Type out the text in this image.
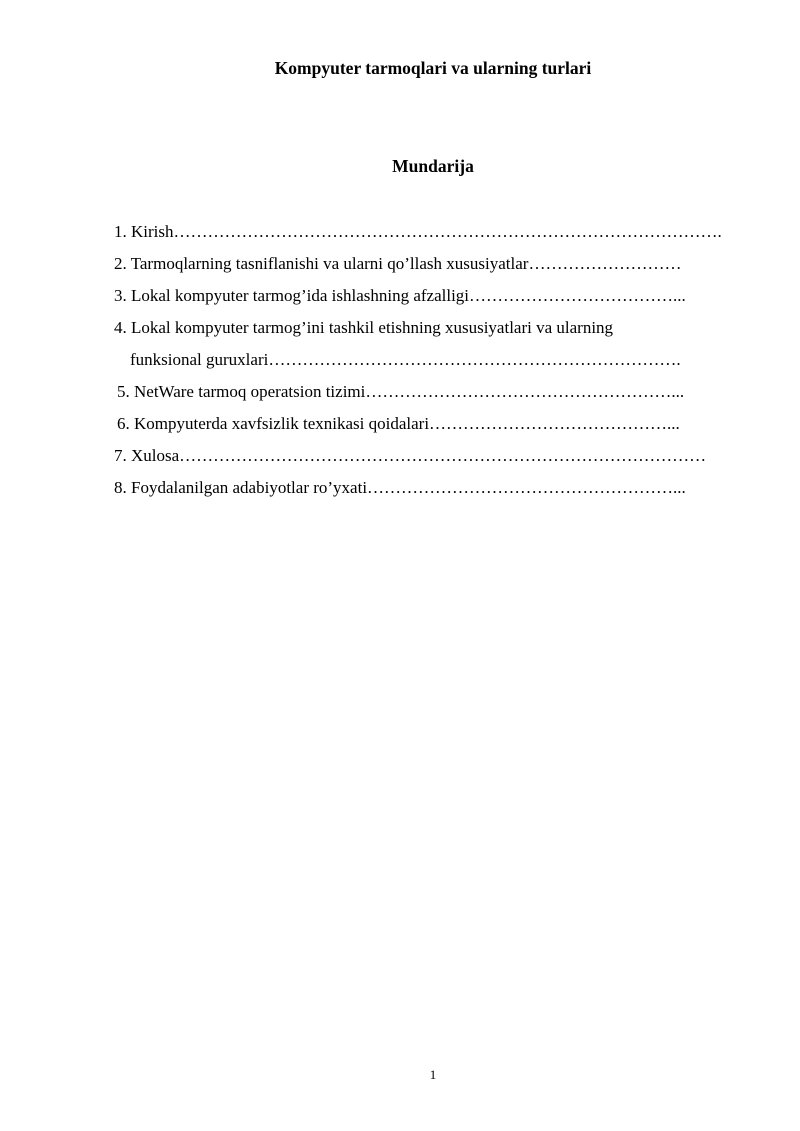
Kompyuter tarmoqlari va ularning turlari
Mundarija
1. Kirish…………………………………………………………………………………….
2. Tarmoqlarning tasniflanishi va ularni qo’llash xususiyatlar………………………
3. Lokal kompyuter tarmog’ida ishlashning afzalligi………………………………...
4. Lokal kompyuter tarmog’ini tashkil etishning xususiyatlari va ularning
funksional guruxlari……………………………………………………………….
5. NetWare tarmoq operatsion tizimi………………………………………………...
6. Kompyuterda xavfsizlik texnikasi qoidalari……………………………………...
7. Xulosa…………………………………………………………………………………
8. Foydalanilgan adabiyotlar ro’yxati………………………………………………...
1
